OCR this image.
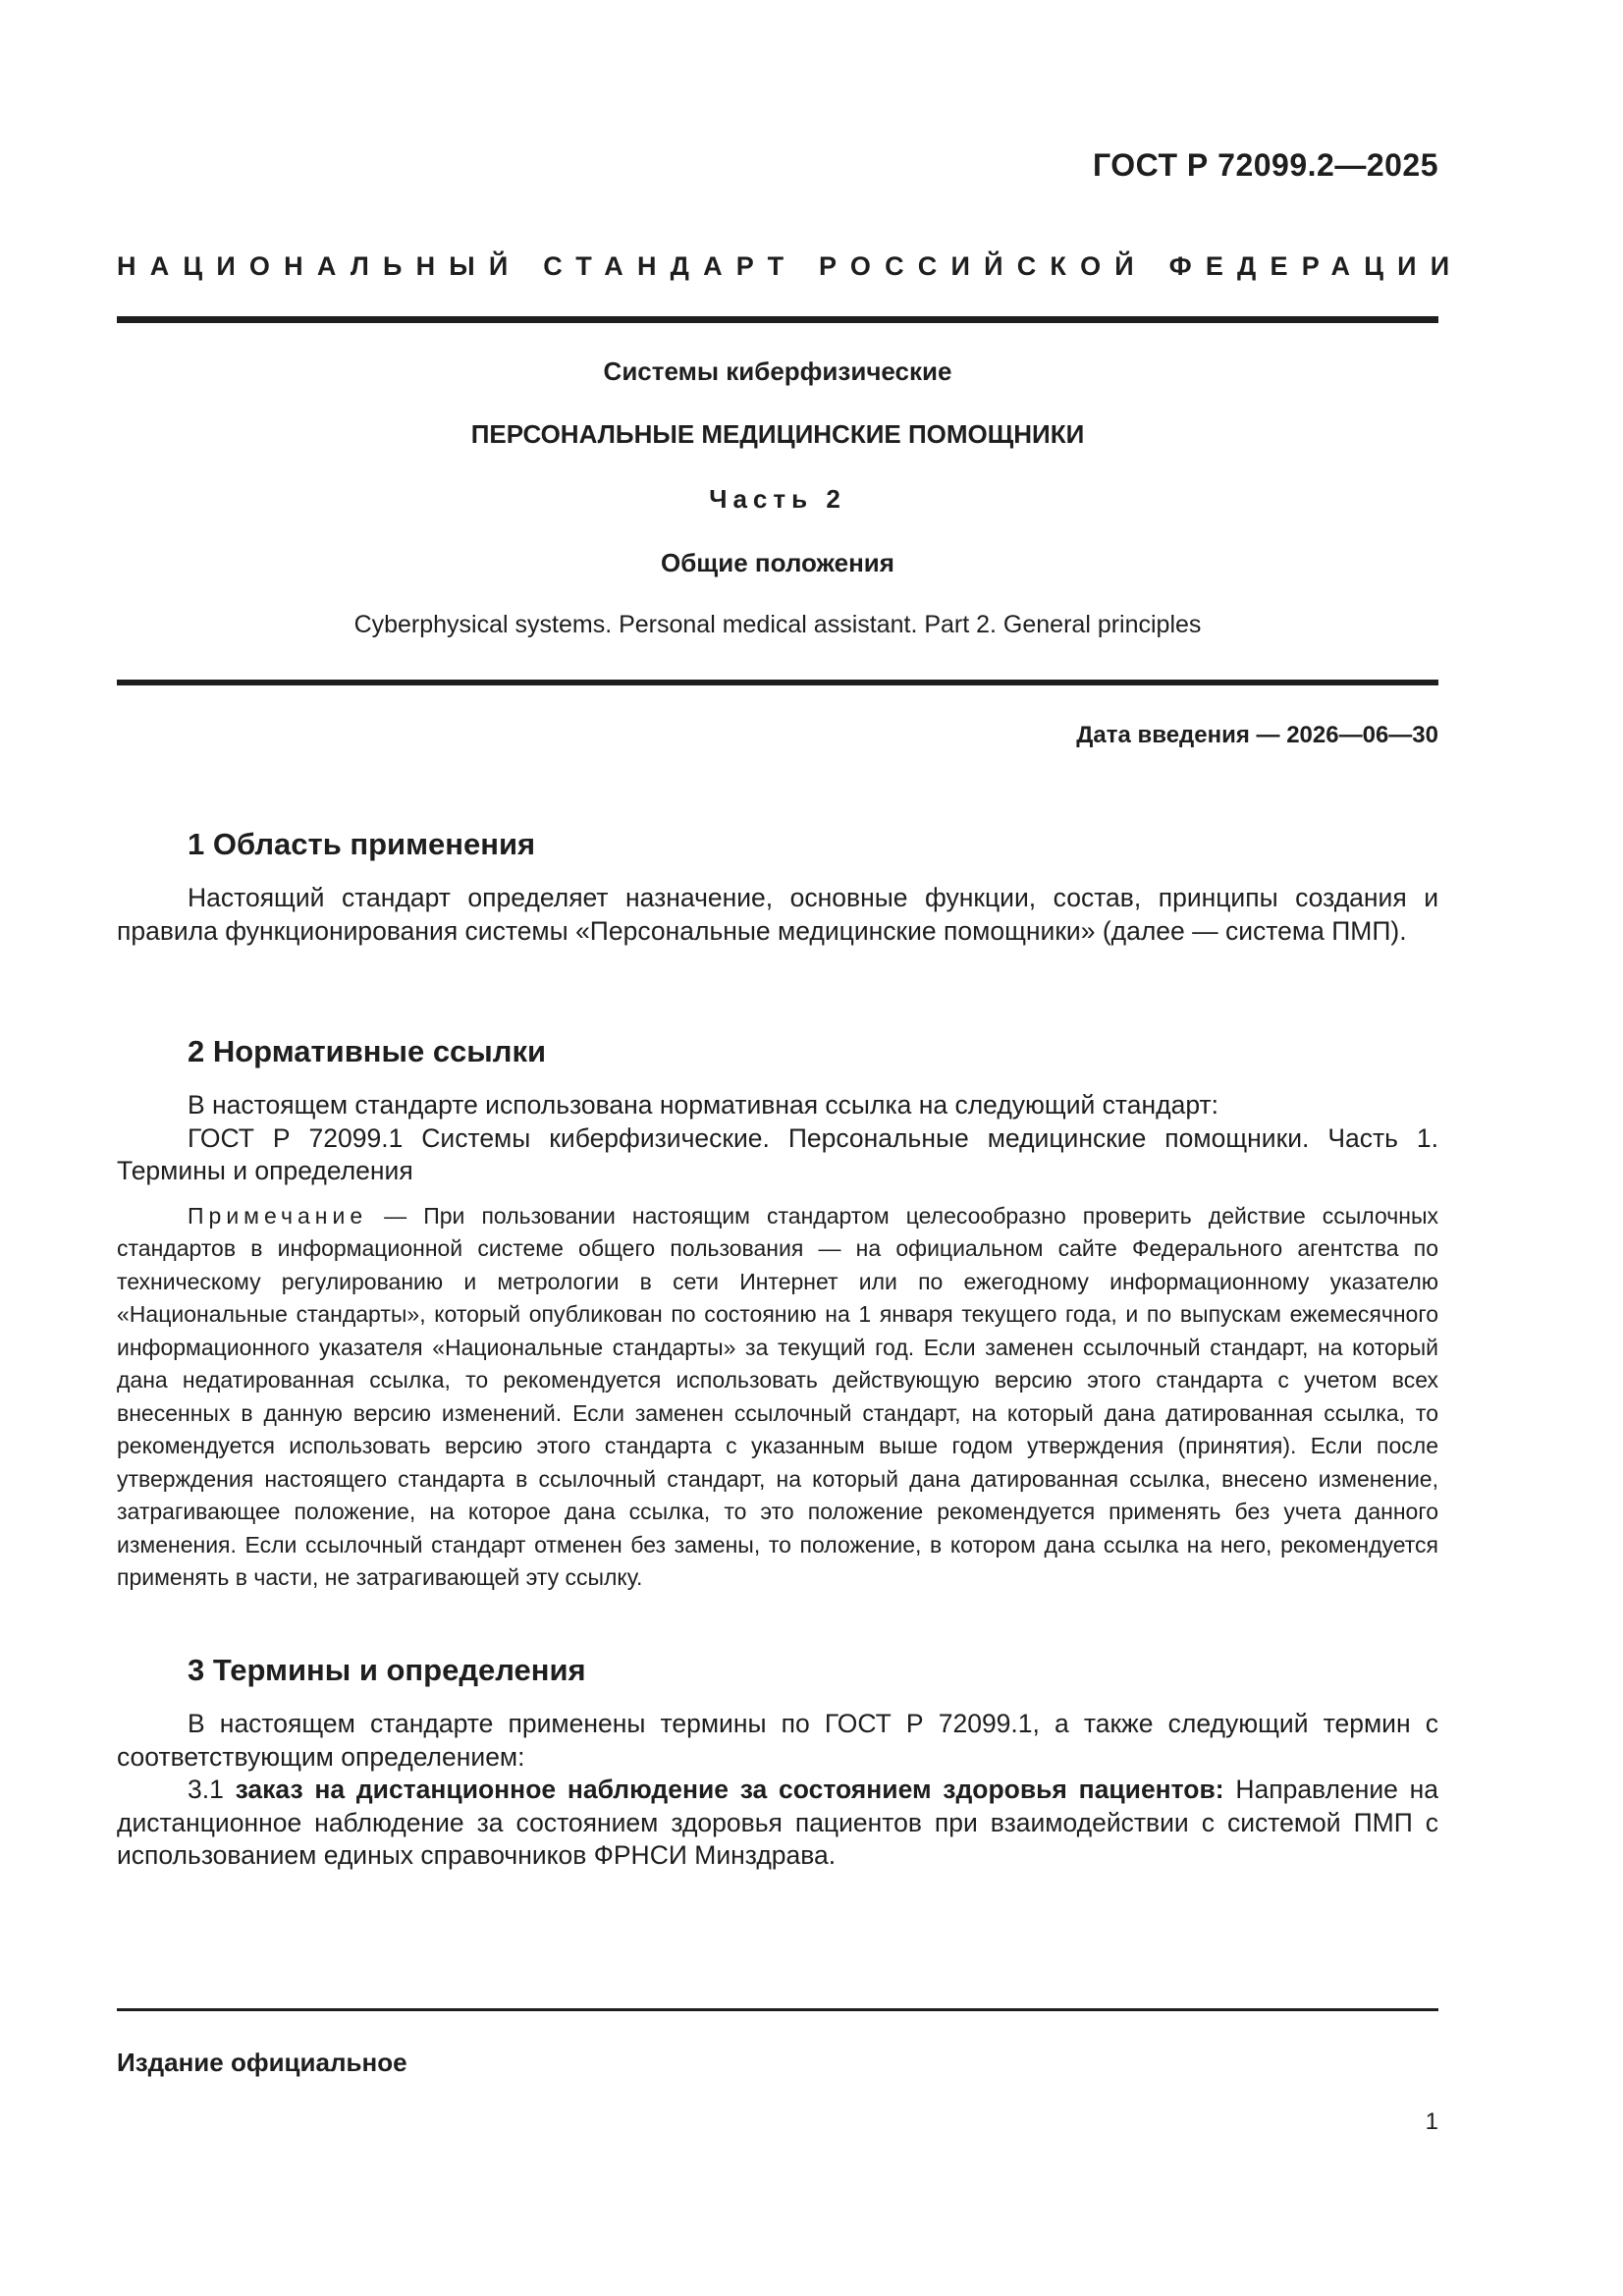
ГОСТ Р 72099.2—2025
НАЦИОНАЛЬНЫЙ СТАНДАРТ РОССИЙСКОЙ ФЕДЕРАЦИИ
Системы киберфизические
ПЕРСОНАЛЬНЫЕ МЕДИЦИНСКИЕ ПОМОЩНИКИ
Часть 2
Общие положения
Cyberphysical systems. Personal medical assistant. Part 2. General principles
Дата введения — 2026—06—30
1 Область применения

Настоящий стандарт определяет назначение, основные функции, состав, принципы создания и правила функционирования системы «Персональные медицинские помощники» (далее — система ПМП).

2 Нормативные ссылки

В настоящем стандарте использована нормативная ссылка на следующий стандарт:

ГОСТ Р 72099.1 Системы киберфизические. Персональные медицинские помощники. Часть 1. Термины и определения

Примечание — При пользовании настоящим стандартом целесообразно проверить действие ссылочных стандартов в информационной системе общего пользования — на официальном сайте Федерального агентства по техническому регулированию и метрологии в сети Интернет или по ежегодному информационному указателю «Национальные стандарты», который опубликован по состоянию на 1 января текущего года, и по выпускам ежемесячного информационного указателя «Национальные стандарты» за текущий год. Если заменен ссылочный стандарт, на который дана недатированная ссылка, то рекомендуется использовать действующую версию этого стандарта с учетом всех внесенных в данную версию изменений. Если заменен ссылочный стандарт, на который дана датированная ссылка, то рекомендуется использовать версию этого стандарта с указанным выше годом утверждения (принятия). Если после утверждения настоящего стандарта в ссылочный стандарт, на который дана датированная ссылка, внесено изменение, затрагивающее положение, на которое дана ссылка, то это положение рекомендуется применять без учета данного изменения. Если ссылочный стандарт отменен без замены, то положение, в котором дана ссылка на него, рекомендуется применять в части, не затрагивающей эту ссылку.

3 Термины и определения

В настоящем стандарте применены термины по ГОСТ Р 72099.1, а также следующий термин с соответствующим определением:

3.1 заказ на дистанционное наблюдение за состоянием здоровья пациентов: Направление на дистанционное наблюдение за состоянием здоровья пациентов при взаимодействии с системой ПМП с использованием единых справочников ФРНСИ Минздрава.

Издание официальное
1
